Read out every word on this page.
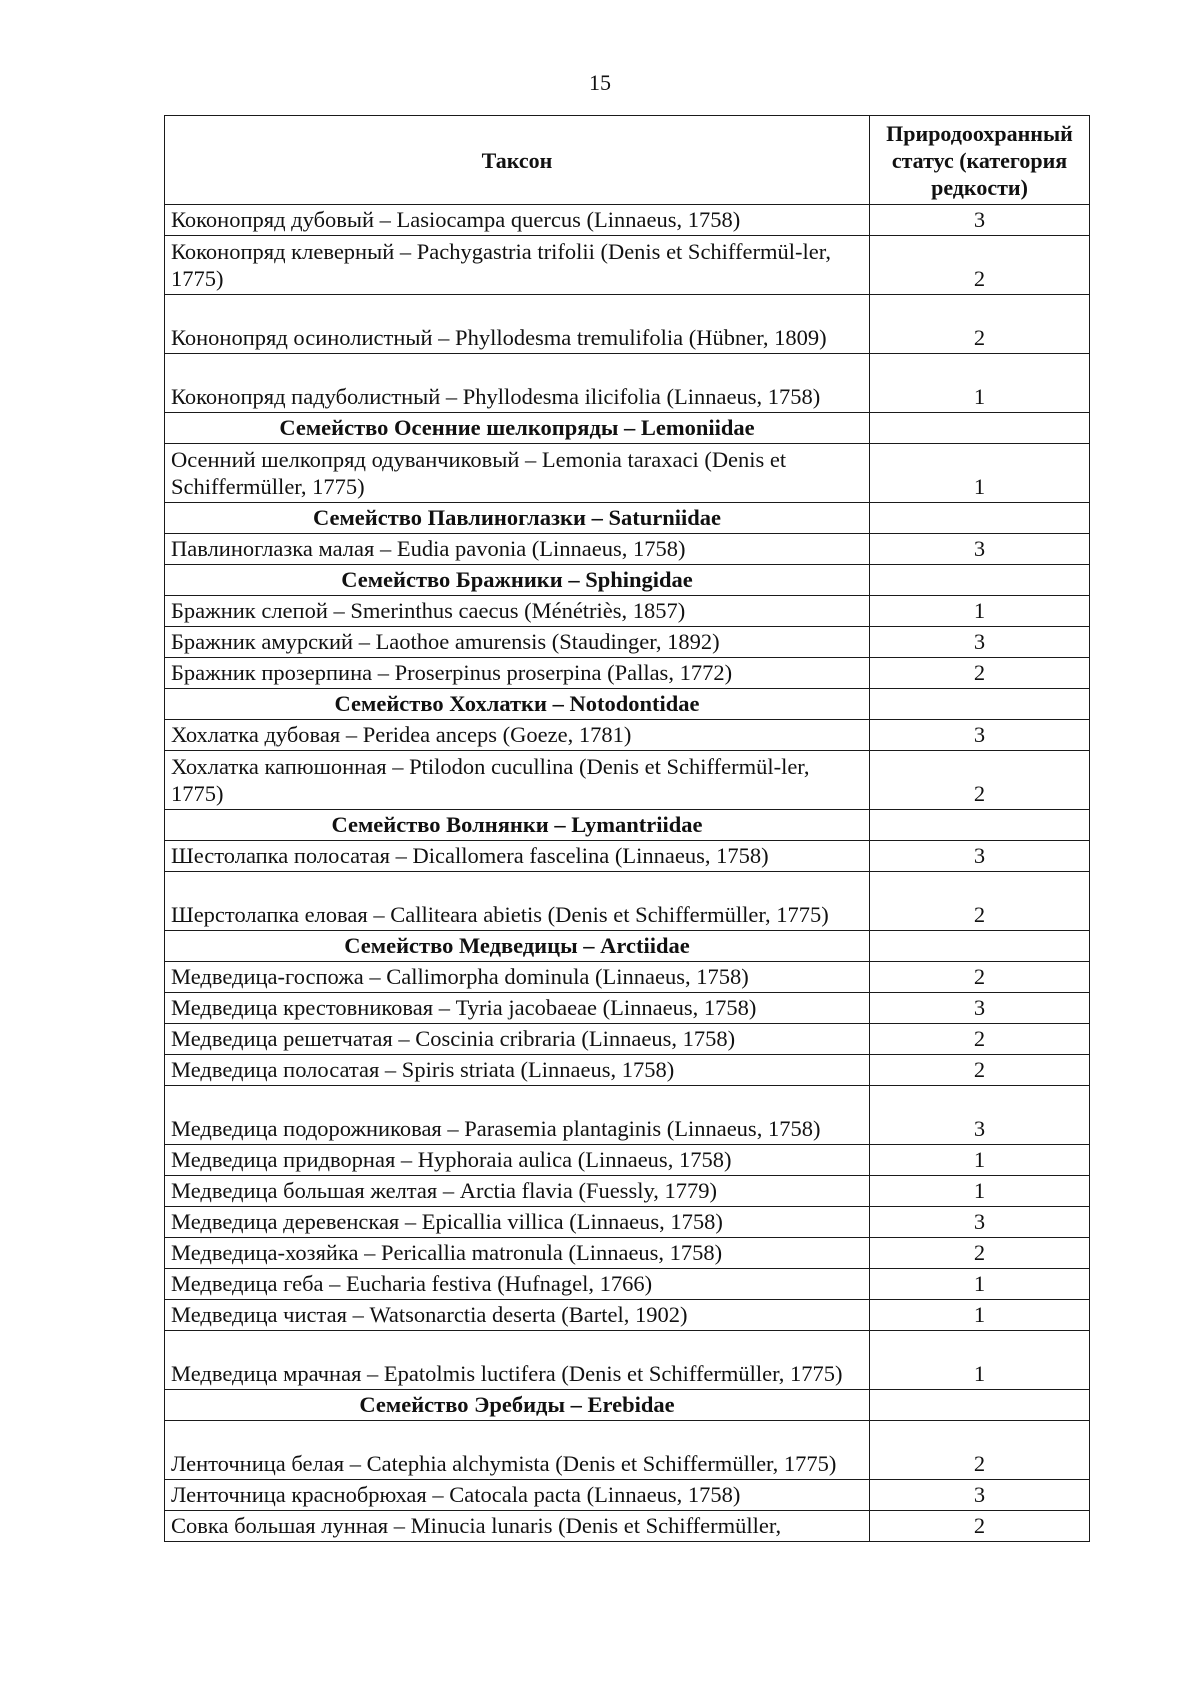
15
Таксон	Природоохранный статус (категория редкости)
Коконопряд дубовый – Lasiocampa quercus (Linnaeus, 1758)	3
Коконопряд клеверный – Pachygastria trifolii (Denis et Schiffermül-ler, 1775)	2
Кононопряд осинолистный – Phyllodesma tremulifolia (Hübner, 1809)	2
Коконопряд падуболистный – Phyllodesma ilicifolia (Linnaeus, 1758)	1
Семейство Осенние шелкопряды – Lemoniidae	
Осенний шелкопряд одуванчиковый – Lemonia taraxaci (Denis et Schiffermüller, 1775)	1
Семейство Павлиноглазки – Saturniidae	
Павлиноглазка малая – Eudia pavonia (Linnaeus, 1758)	3
Семейство Бражники – Sphingidae	
Бражник слепой – Smerinthus caecus (Ménétriès, 1857)	1
Бражник амурский – Laothoe amurensis (Staudinger, 1892)	3
Бражник прозерпина – Proserpinus proserpina (Pallas, 1772)	2
Семейство Хохлатки – Notodontidae	
Хохлатка дубовая – Peridea anceps (Goeze, 1781)	3
Хохлатка капюшонная – Ptilodon cucullina (Denis et Schiffermül-ler, 1775)	2
Семейство Волнянки – Lymantriidae	
Шестолапка полосатая – Dicallomera fascelina (Linnaeus, 1758)	3
Шерстолапка еловая – Calliteara abietis (Denis et Schiffermüller, 1775)	2
Семейство Медведицы – Arctiidae	
Медведица-госпожа – Callimorpha dominula (Linnaeus, 1758)	2
Медведица крестовниковая – Tyria jacobaeae (Linnaeus, 1758)	3
Медведица решетчатая – Coscinia cribraria (Linnaeus, 1758)	2
Медведица полосатая – Spiris striata (Linnaeus, 1758)	2
Медведица подорожниковая – Parasemia plantaginis (Linnaeus, 1758)	3
Медведица придворная – Hyphoraia aulica (Linnaeus, 1758)	1
Медведица большая желтая – Arctia flavia (Fuessly, 1779)	1
Медведица деревенская – Epicallia villica (Linnaeus, 1758)	3
Медведица-хозяйка – Pericallia matronula (Linnaeus, 1758)	2
Медведица геба – Eucharia festiva (Hufnagel, 1766)	1
Медведица чистая – Watsonarctia deserta (Bartel, 1902)	1
Медведица мрачная – Epatolmis luctifera (Denis et Schiffermüller, 1775)	1
Семейство Эребиды – Erebidae	
Ленточница белая – Catephia alchymista (Denis et Schiffermüller, 1775)	2
Ленточница краснобрюхая – Catocala pacta (Linnaeus, 1758)	3
Совка большая лунная – Minucia lunaris (Denis et Schiffermüller,	2
